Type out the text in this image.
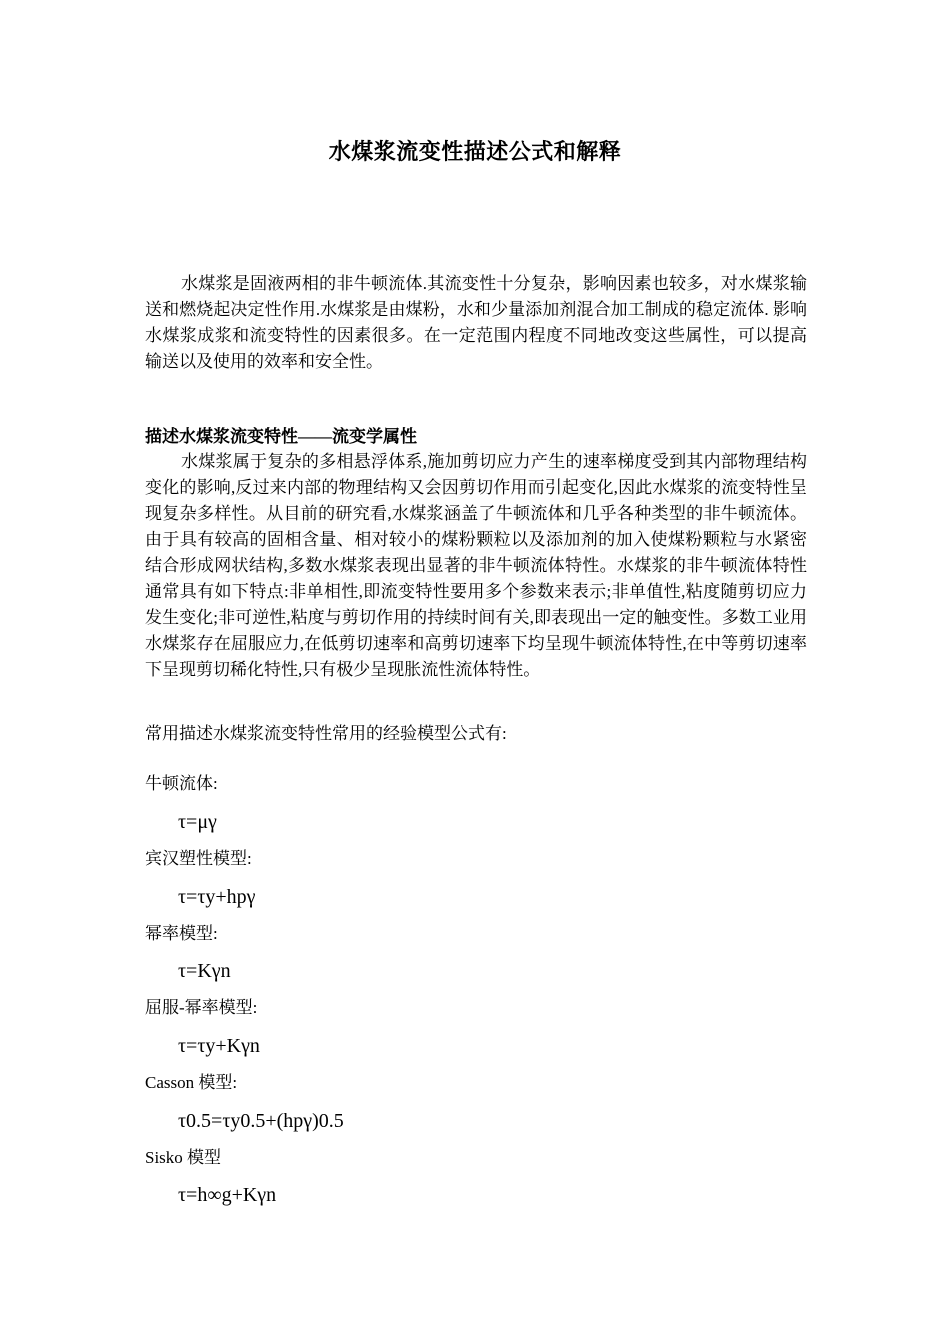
水煤浆流变性描述公式和解释

水煤浆是固液两相的非牛顿流体.其流变性十分复杂，影响因素也较多，对水煤浆输送和燃烧起决定性作用.水煤浆是由煤粉，水和少量添加剂混合加工制成的稳定流体. 影响水煤浆成浆和流变特性的因素很多。在一定范围内程度不同地改变这些属性，可以提高输送以及使用的效率和安全性。

描述水煤浆流变特性——流变学属性

水煤浆属于复杂的多相悬浮体系,施加剪切应力产生的速率梯度受到其内部物理结构变化的影响,反过来内部的物理结构又会因剪切作用而引起变化,因此水煤浆的流变特性呈现复杂多样性。从目前的研究看,水煤浆涵盖了牛顿流体和几乎各种类型的非牛顿流体。由于具有较高的固相含量、相对较小的煤粉颗粒以及添加剂的加入使煤粉颗粒与水紧密结合形成网状结构,多数水煤浆表现出显著的非牛顿流体特性。水煤浆的非牛顿流体特性通常具有如下特点:非单相性,即流变特性要用多个参数来表示;非单值性,粘度随剪切应力发生变化;非可逆性,粘度与剪切作用的持续时间有关,即表现出一定的触变性。多数工业用水煤浆存在屈服应力,在低剪切速率和高剪切速率下均呈现牛顿流体特性,在中等剪切速率下呈现剪切稀化特性,只有极少呈现胀流性流体特性。

常用描述水煤浆流变特性常用的经验模型公式有:
牛顿流体:
τ=μγ
宾汉塑性模型:
τ=τy+hpγ
幂率模型:
τ=Kγn
屈服-幂率模型:
τ=τy+Kγn
Casson 模型:
τ0.5=τy0.5+(hpγ)0.5
Sisko 模型
τ=h∞g+Kγn
